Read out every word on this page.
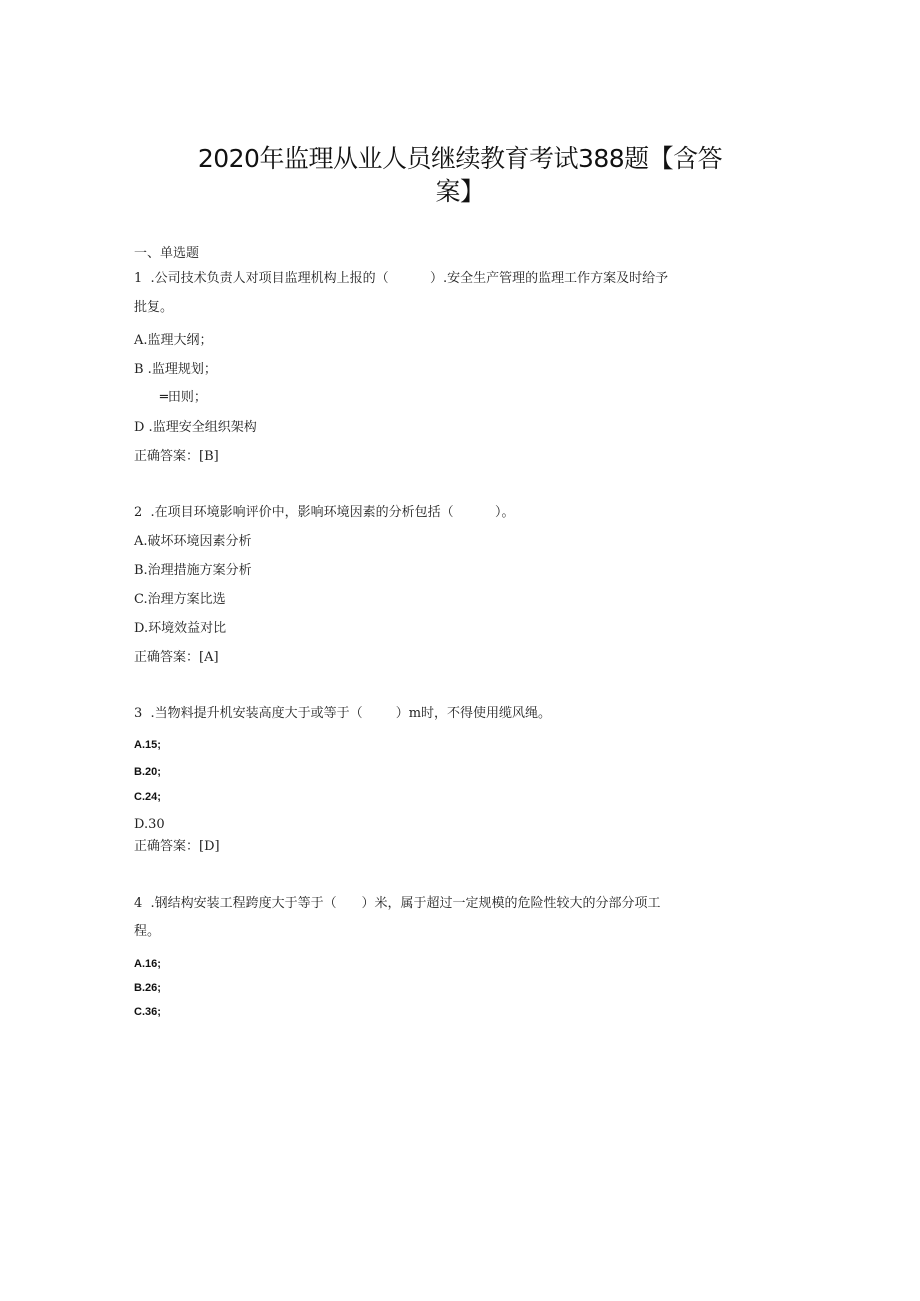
2020年监理从业人员继续教育考试388题【含答
案】
一、单选题
1  .公司技术负责人对项目监理机构上报的（          ）.安全生产管理的监理工作方案及时给予
批复。
A.监理大纲；
B .监理规划；
═田则；
D .监理安全组织架构
正确答案：[B]
2  .在项目环境影响评价中，影响环境因素的分析包括（          ）。
A.破坏环境因素分析
B.治理措施方案分析
C.治理方案比选
D.环境效益对比
正确答案：[A]
3  .当物料提升机安装高度大于或等于（        ）m时，不得使用缆风绳。
A.15;
B.20;
C.24;
D.30
正确答案：[D]
4  .钢结构安装工程跨度大于等于（      ）米，属于超过一定规模的危险性较大的分部分项工
程。
A.16;
B.26;
C.36;
